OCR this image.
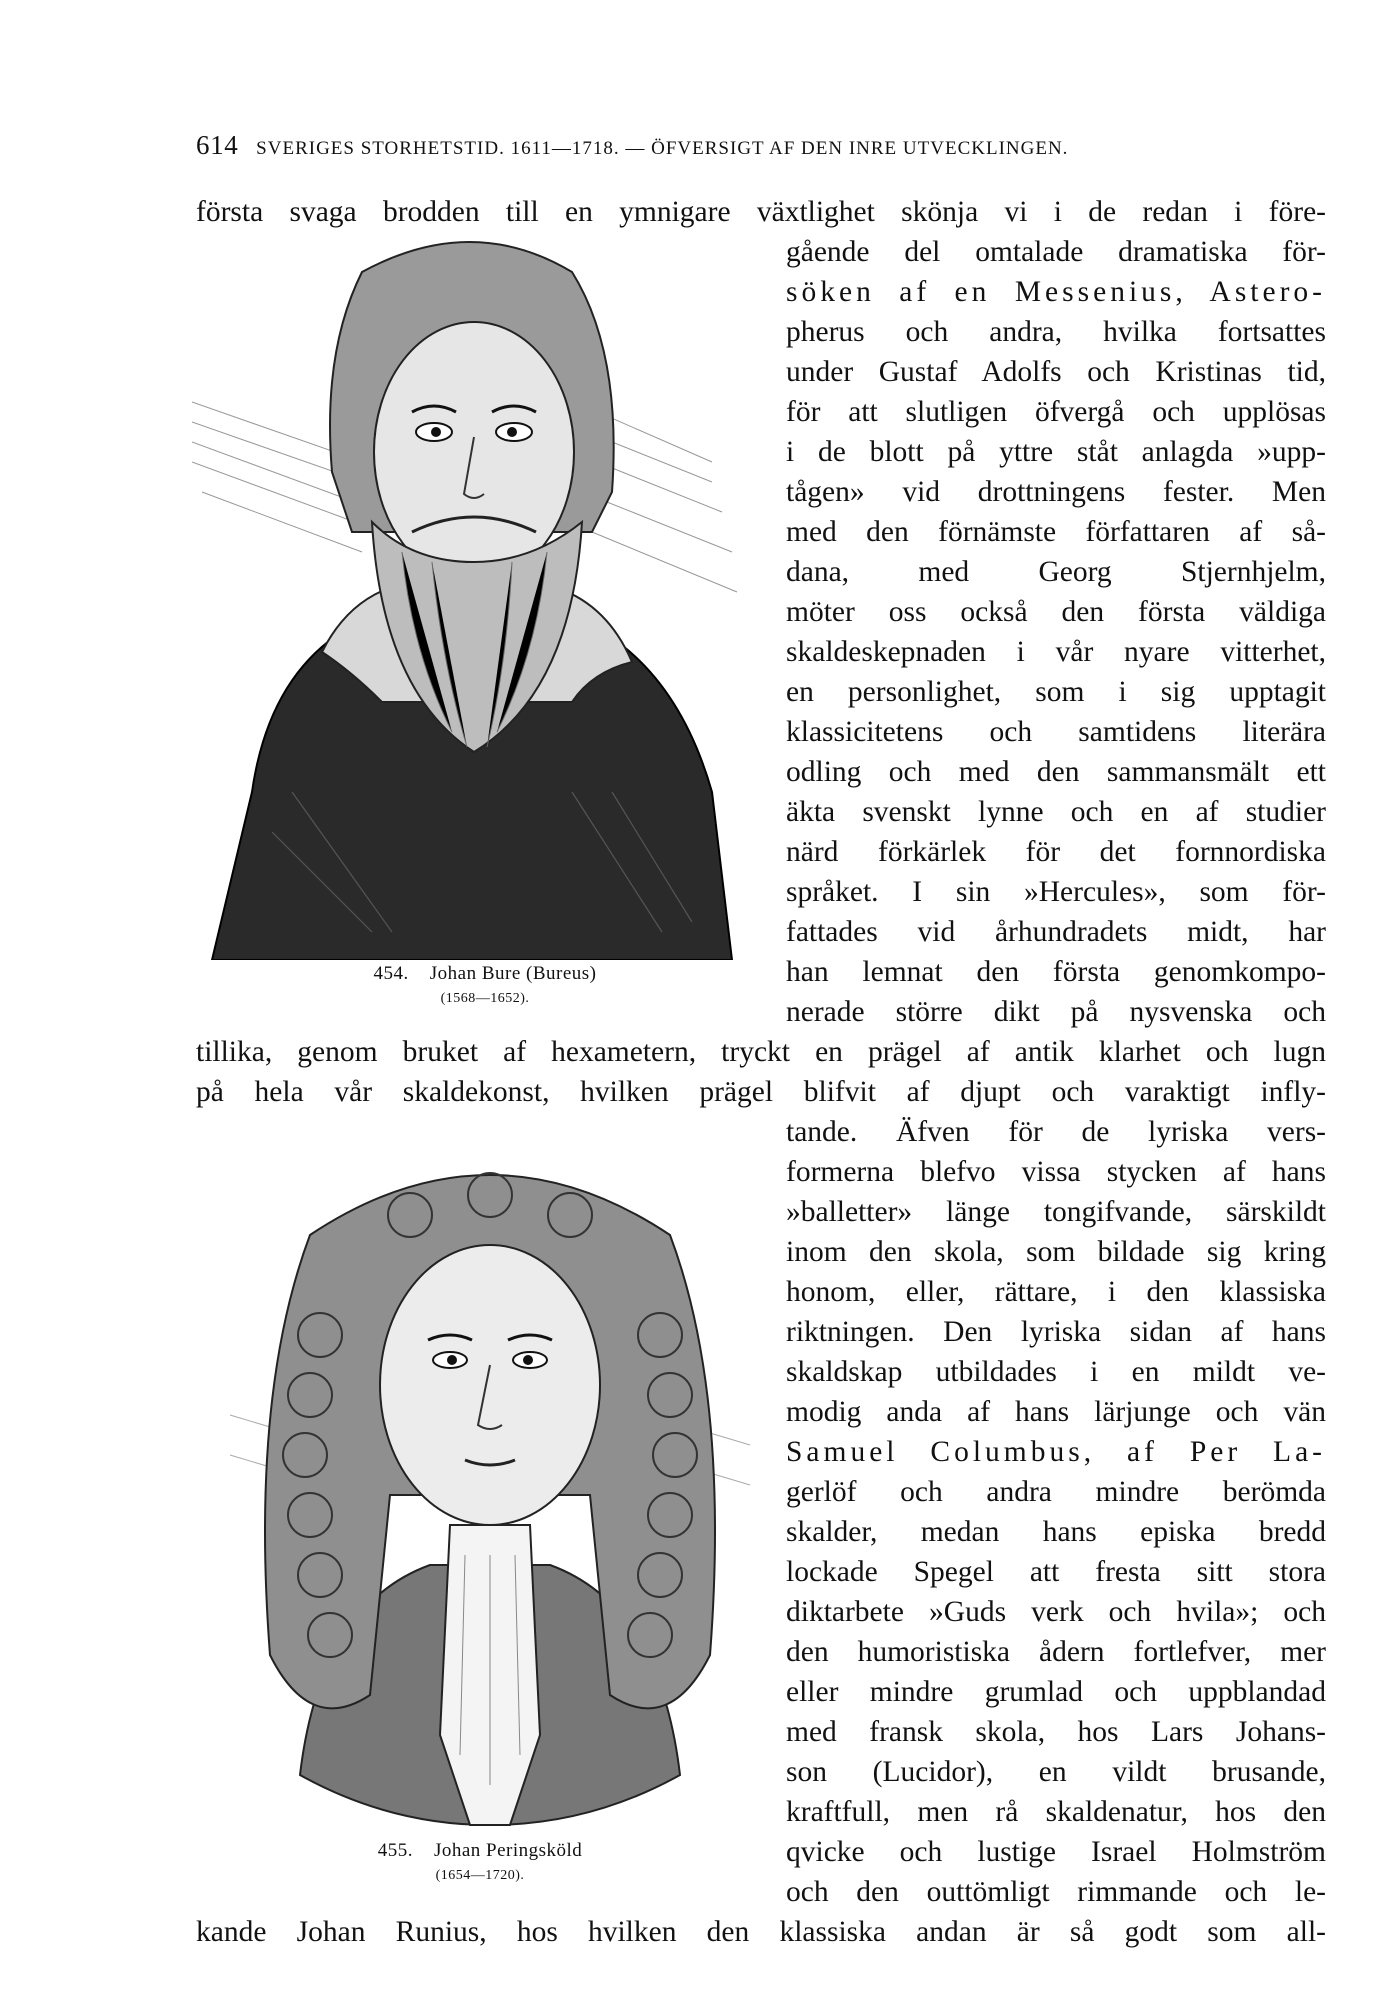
614 SVERIGES STORHETSTID. 1611—1718. — ÖFVERSIGT AF DEN INRE UTVECKLINGEN.
454. Johan Bure (Bureus)
(1568—1652).
455. Johan Peringsköld
(1654—1720).
första svaga brodden till en ymnigare växtlighet skönja vi i de redan i före-
gående del omtalade dramatiska för-
söken af en Messenius, Astero-
pherus och andra, hvilka fortsattes
under Gustaf Adolfs och Kristinas tid,
för att slutligen öfvergå och upplösas
i de blott på yttre ståt anlagda »upp-
tågen» vid drottningens fester. Men
med den förnämste författaren af så-
dana, med Georg Stjernhjelm,
möter oss också den första väldiga
skaldeskepnaden i vår nyare vitterhet,
en personlighet, som i sig upptagit
klassicitetens och samtidens literära
odling och med den sammansmält ett
äkta svenskt lynne och en af studier
närd förkärlek för det fornnordiska
språket. I sin »Hercules», som för-
fattades vid århundradets midt, har
han lemnat den första genomkompo-
nerade större dikt på nysvenska och
tillika, genom bruket af hexametern, tryckt en prägel af antik klarhet och lugn
på hela vår skaldekonst, hvilken prägel blifvit af djupt och varaktigt infly-
tande. Äfven för de lyriska vers-
formerna blefvo vissa stycken af hans
»balletter» länge tongifvande, särskildt
inom den skola, som bildade sig kring
honom, eller, rättare, i den klassiska
riktningen. Den lyriska sidan af hans
skaldskap utbildades i en mildt ve-
modig anda af hans lärjunge och vän
Samuel Columbus, af Per La-
gerlöf och andra mindre berömda
skalder, medan hans episka bredd
lockade Spegel att fresta sitt stora
diktarbete »Guds verk och hvila»; och
den humoristiska ådern fortlefver, mer
eller mindre grumlad och uppblandad
med fransk skola, hos Lars Johans-
son (Lucidor), en vildt brusande,
kraftfull, men rå skaldenatur, hos den
qvicke och lustige Israel Holmström
och den outtömligt rimmande och le-
kande Johan Runius, hos hvilken den klassiska andan är så godt som all-
